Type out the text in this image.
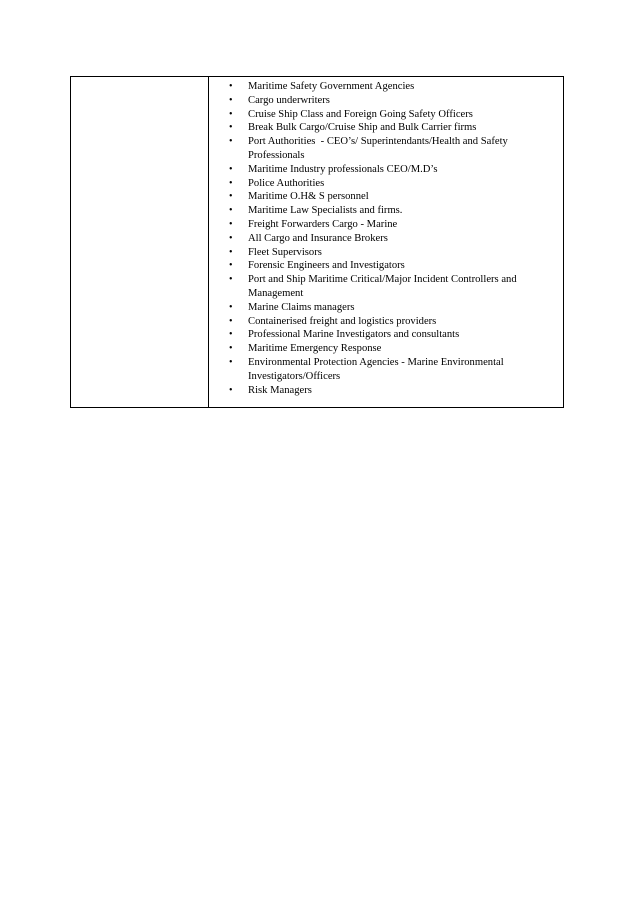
• Maritime Safety Government Agencies
• Cargo underwriters
• Cruise Ship Class and Foreign Going Safety Officers
• Break Bulk Cargo/Cruise Ship and Bulk Carrier firms
• Port Authorities  - CEO’s/ Superintendants/Health and Safety Professionals
• Maritime Industry professionals CEO/M.D’s
• Police Authorities
• Maritime O.H& S personnel
• Maritime Law Specialists and firms.
• Freight Forwarders Cargo - Marine
• All Cargo and Insurance Brokers
• Fleet Supervisors
• Forensic Engineers and Investigators
• Port and Ship Maritime Critical/Major Incident Controllers and Management
• Marine Claims managers
• Containerised freight and logistics providers
• Professional Marine Investigators and consultants
• Maritime Emergency Response
• Environmental Protection Agencies - Marine Environmental Investigators/Officers
• Risk Managers
